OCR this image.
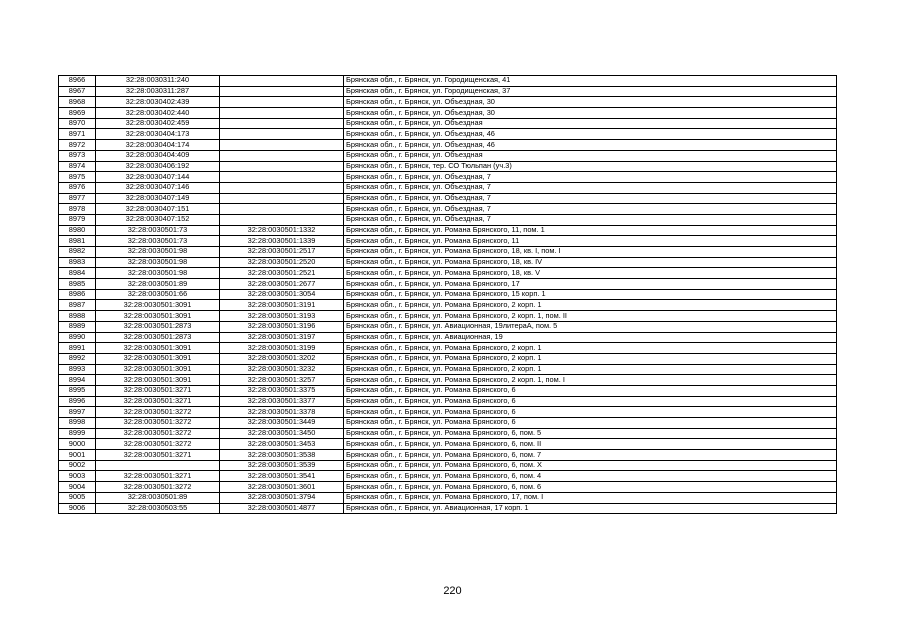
8966	32:28:0030311:240		Брянская обл., г. Брянск, ул. Городищенская, 41
8967	32:28:0030311:287		Брянская обл., г. Брянск, ул. Городищенская, 37
8968	32:28:0030402:439		Брянская обл., г. Брянск, ул. Объездная, 30
8969	32:28:0030402:440		Брянская обл., г. Брянск, ул. Объездная, 30
8970	32:28:0030402:459		Брянская обл., г. Брянск, ул. Объездная
8971	32:28:0030404:173		Брянская обл., г. Брянск, ул. Объездная, 46
8972	32:28:0030404:174		Брянская обл., г. Брянск, ул. Объездная, 46
8973	32:28:0030404:409		Брянская обл., г. Брянск, ул. Объездная
8974	32:28:0030406:192		Брянская обл., г. Брянск, тер. СО Тюльпан (уч.3)
8975	32:28:0030407:144		Брянская обл., г. Брянск, ул. Объездная, 7
8976	32:28:0030407:146		Брянская обл., г. Брянск, ул. Объездная, 7
8977	32:28:0030407:149		Брянская обл., г. Брянск, ул. Объездная, 7
8978	32:28:0030407:151		Брянская обл., г. Брянск, ул. Объездная, 7
8979	32:28:0030407:152		Брянская обл., г. Брянск, ул. Объездная, 7
8980	32:28:0030501:73	32:28:0030501:1332	Брянская обл., г. Брянск, ул. Романа Брянского, 11, пом. 1
8981	32:28:0030501:73	32:28:0030501:1339	Брянская обл., г. Брянск, ул. Романа Брянского, 11
8982	32:28:0030501:98	32:28:0030501:2517	Брянская обл., г. Брянск, ул. Романа Брянского, 18, кв. I, пом. I
8983	32:28:0030501:98	32:28:0030501:2520	Брянская обл., г. Брянск, ул. Романа Брянского, 18, кв. IV
8984	32:28:0030501:98	32:28:0030501:2521	Брянская обл., г. Брянск, ул. Романа Брянского, 18, кв. V
8985	32:28:0030501:89	32:28:0030501:2677	Брянская обл., г. Брянск, ул. Романа Брянского, 17
8986	32:28:0030501:66	32:28:0030501:3054	Брянская обл., г. Брянск, ул. Романа Брянского, 15 корп. 1
8987	32:28:0030501:3091	32:28:0030501:3191	Брянская обл., г. Брянск, ул. Романа Брянского, 2 корп. 1
8988	32:28:0030501:3091	32:28:0030501:3193	Брянская обл., г. Брянск, ул. Романа Брянского, 2 корп. 1, пом. II
8989	32:28:0030501:2873	32:28:0030501:3196	Брянская обл., г. Брянск, ул. Авиационная, 19литераА, пом. 5
8990	32:28:0030501:2873	32:28:0030501:3197	Брянская обл., г. Брянск, ул. Авиационная, 19
8991	32:28:0030501:3091	32:28:0030501:3199	Брянская обл., г. Брянск, ул. Романа Брянского, 2 корп. 1
8992	32:28:0030501:3091	32:28:0030501:3202	Брянская обл., г. Брянск, ул. Романа Брянского, 2 корп. 1
8993	32:28:0030501:3091	32:28:0030501:3232	Брянская обл., г. Брянск, ул. Романа Брянского, 2 корп. 1
8994	32:28:0030501:3091	32:28:0030501:3257	Брянская обл., г. Брянск, ул. Романа Брянского, 2 корп. 1, пом. I
8995	32:28:0030501:3271	32:28:0030501:3375	Брянская обл., г. Брянск, ул. Романа Брянского, 6
8996	32:28:0030501:3271	32:28:0030501:3377	Брянская обл., г. Брянск, ул. Романа Брянского, 6
8997	32:28:0030501:3272	32:28:0030501:3378	Брянская обл., г. Брянск, ул. Романа Брянского, 6
8998	32:28:0030501:3272	32:28:0030501:3449	Брянская обл., г. Брянск, ул. Романа Брянского, 6
8999	32:28:0030501:3272	32:28:0030501:3450	Брянская обл., г. Брянск, ул. Романа Брянского, 6, пом. 5
9000	32:28:0030501:3272	32:28:0030501:3453	Брянская обл., г. Брянск, ул. Романа Брянского, 6, пом. II
9001	32:28:0030501:3271	32:28:0030501:3538	Брянская обл., г. Брянск, ул. Романа Брянского, 6, пом. 7
9002		32:28:0030501:3539	Брянская обл., г. Брянск, ул. Романа Брянского, 6, пом. X
9003	32:28:0030501:3271	32:28:0030501:3541	Брянская обл., г. Брянск, ул. Романа Брянского, 6, пом. 4
9004	32:28:0030501:3272	32:28:0030501:3601	Брянская обл., г. Брянск, ул. Романа Брянского, 6, пом. 6
9005	32:28:0030501:89	32:28:0030501:3794	Брянская обл., г. Брянск, ул. Романа Брянского, 17, пом. I
9006	32:28:0030503:55	32:28:0030501:4877	Брянская обл., г. Брянск, ул. Авиационная, 17 корп. 1
220
